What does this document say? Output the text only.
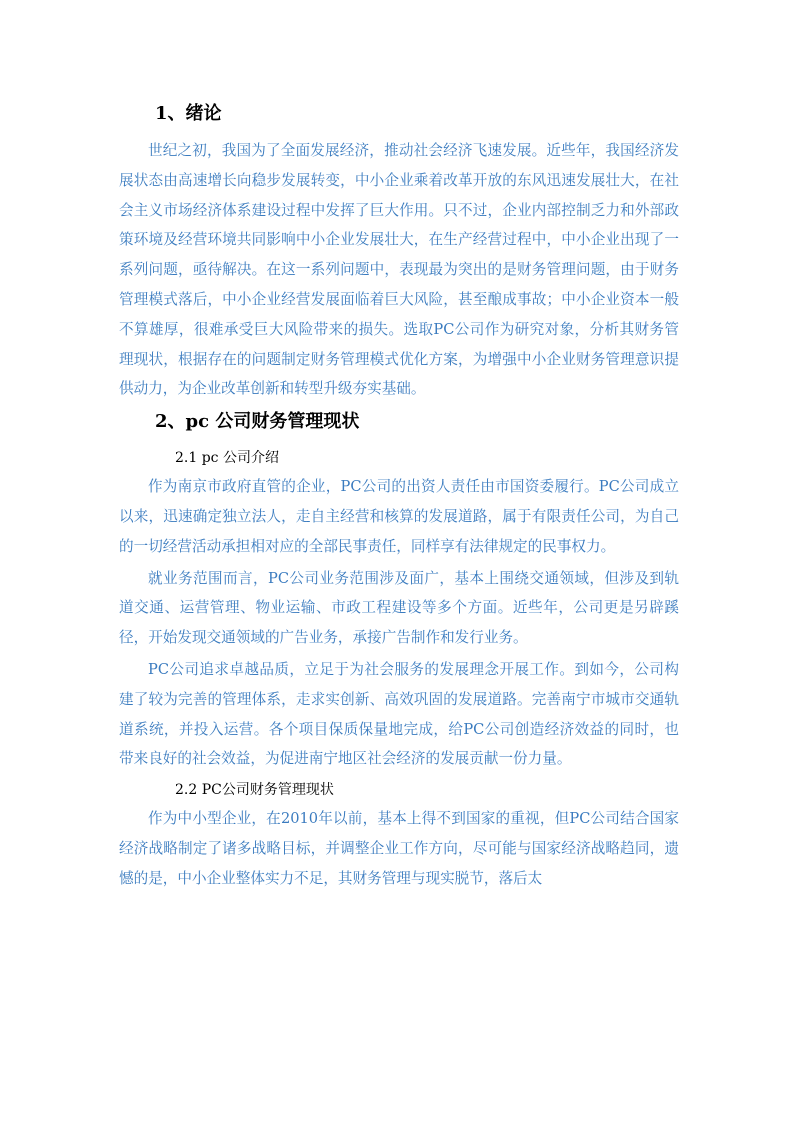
1、绪论

世纪之初，我国为了全面发展经济，推动社会经济飞速发展。近些年，我国经济发展状态由高速增长向稳步发展转变，中小企业乘着改革开放的东风迅速发展壮大，在社会主义市场经济体系建设过程中发挥了巨大作用。只不过，企业内部控制乏力和外部政策环境及经营环境共同影响中小企业发展壮大，在生产经营过程中，中小企业出现了一系列问题，亟待解决。在这一系列问题中，表现最为突出的是财务管理问题，由于财务管理模式落后，中小企业经营发展面临着巨大风险，甚至酿成事故；中小企业资本一般不算雄厚，很难承受巨大风险带来的损失。选取PC公司作为研究对象，分析其财务管理现状，根据存在的问题制定财务管理模式优化方案，为增强中小企业财务管理意识提供动力，为企业改革创新和转型升级夯实基础。

2、pc 公司财务管理现状
2.1 pc 公司介绍

作为南京市政府直管的企业，PC公司的出资人责任由市国资委履行。PC公司成立以来，迅速确定独立法人，走自主经营和核算的发展道路，属于有限责任公司，为自己的一切经营活动承担相对应的全部民事责任，同样享有法律规定的民事权力。

就业务范围而言，PC公司业务范围涉及面广，基本上围绕交通领域，但涉及到轨道交通、运营管理、物业运输、市政工程建设等多个方面。近些年，公司更是另辟蹊径，开始发现交通领域的广告业务，承接广告制作和发行业务。

PC公司追求卓越品质，立足于为社会服务的发展理念开展工作。到如今，公司构建了较为完善的管理体系，走求实创新、高效巩固的发展道路。完善南宁市城市交通轨道系统，并投入运营。各个项目保质保量地完成，给PC公司创造经济效益的同时，也带来良好的社会效益，为促进南宁地区社会经济的发展贡献一份力量。

2.2 PC公司财务管理现状

作为中小型企业，在2010年以前，基本上得不到国家的重视，但PC公司结合国家经济战略制定了诸多战略目标，并调整企业工作方向，尽可能与国家经济战略趋同，遗憾的是，中小企业整体实力不足，其财务管理与现实脱节，落后太
